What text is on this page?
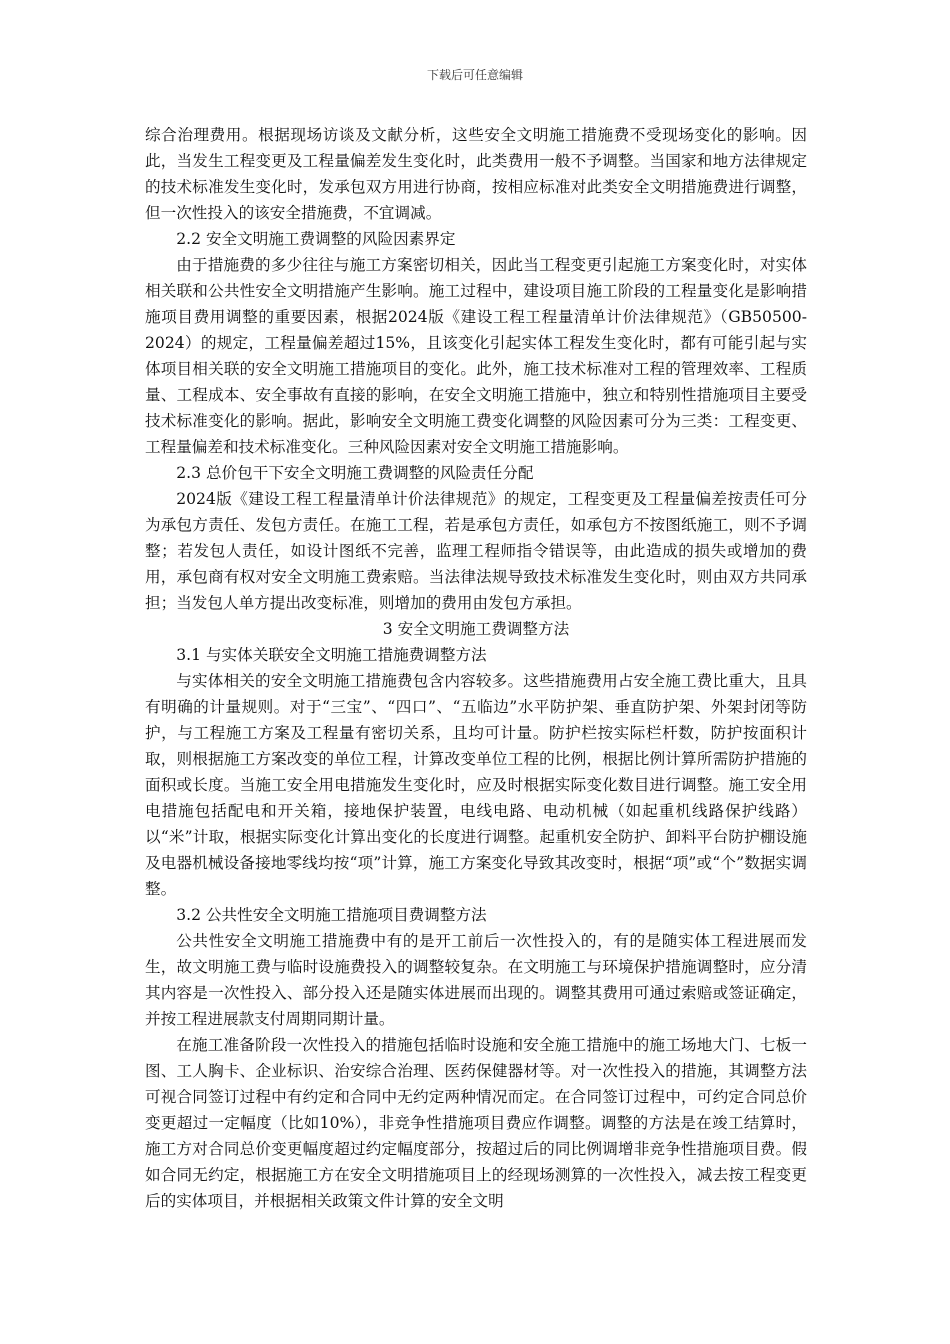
下载后可任意编辑

综合治理费用。根据现场访谈及文献分析，这些安全文明施工措施费不受现场变化的影响。因此，当发生工程变更及工程量偏差发生变化时，此类费用一般不予调整。当国家和地方法律规定的技术标准发生变化时，发承包双方用进行协商，按相应标准对此类安全文明措施费进行调整，但一次性投入的该安全措施费，不宜调减。

2.2 安全文明施工费调整的风险因素界定

由于措施费的多少往往与施工方案密切相关，因此当工程变更引起施工方案变化时，对实体相关联和公共性安全文明措施产生影响。施工过程中，建设项目施工阶段的工程量变化是影响措施项目费用调整的重要因素，根据2024版《建设工程工程量清单计价法律规范》（GB50500-2024）的规定，工程量偏差超过15%，且该变化引起实体工程发生变化时，都有可能引起与实体项目相关联的安全文明施工措施项目的变化。此外，施工技术标准对工程的管理效率、工程质量、工程成本、安全事故有直接的影响，在安全文明施工措施中，独立和特别性措施项目主要受技术标准变化的影响。据此，影响安全文明施工费变化调整的风险因素可分为三类：工程变更、工程量偏差和技术标准变化。三种风险因素对安全文明施工措施影响。

2.3 总价包干下安全文明施工费调整的风险责任分配

2024版《建设工程工程量清单计价法律规范》的规定，工程变更及工程量偏差按责任可分为承包方责任、发包方责任。在施工工程，若是承包方责任，如承包方不按图纸施工，则不予调整；若发包人责任，如设计图纸不完善，监理工程师指令错误等，由此造成的损失或增加的费用，承包商有权对安全文明施工费索赔。当法律法规导致技术标准发生变化时，则由双方共同承担；当发包人单方提出改变标准，则增加的费用由发包方承担。

3 安全文明施工费调整方法

3.1 与实体关联安全文明施工措施费调整方法

与实体相关的安全文明施工措施费包含内容较多。这些措施费用占安全施工费比重大，且具有明确的计量规则。对于“三宝”、“四口”、“五临边”水平防护架、垂直防护架、外架封闭等防护，与工程施工方案及工程量有密切关系，且均可计量。防护栏按实际栏杆数，防护按面积计取，则根据施工方案改变的单位工程，计算改变单位工程的比例，根据比例计算所需防护措施的面积或长度。当施工安全用电措施发生变化时，应及时根据实际变化数目进行调整。施工安全用电措施包括配电和开关箱，接地保护装置，电线电路、电动机械（如起重机线路保护线路）以“米”计取，根据实际变化计算出变化的长度进行调整。起重机安全防护、卸料平台防护棚设施及电器机械设备接地零线均按“项”计算，施工方案变化导致其改变时，根据“项”或“个”数据实调整。

3.2 公共性安全文明施工措施项目费调整方法

公共性安全文明施工措施费中有的是开工前后一次性投入的，有的是随实体工程进展而发生，故文明施工费与临时设施费投入的调整较复杂。在文明施工与环境保护措施调整时，应分清其内容是一次性投入、部分投入还是随实体进展而出现的。调整其费用可通过索赔或签证确定，并按工程进展款支付周期同期计量。

在施工准备阶段一次性投入的措施包括临时设施和安全施工措施中的施工场地大门、七板一图、工人胸卡、企业标识、治安综合治理、医药保健器材等。对一次性投入的措施，其调整方法可视合同签订过程中有约定和合同中无约定两种情况而定。在合同签订过程中，可约定合同总价变更超过一定幅度（比如10%），非竞争性措施项目费应作调整。调整的方法是在竣工结算时，施工方对合同总价变更幅度超过约定幅度部分，按超过后的同比例调增非竞争性措施项目费。假如合同无约定，根据施工方在安全文明措施项目上的经现场测算的一次性投入，减去按工程变更后的实体项目，并根据相关政策文件计算的安全文明
